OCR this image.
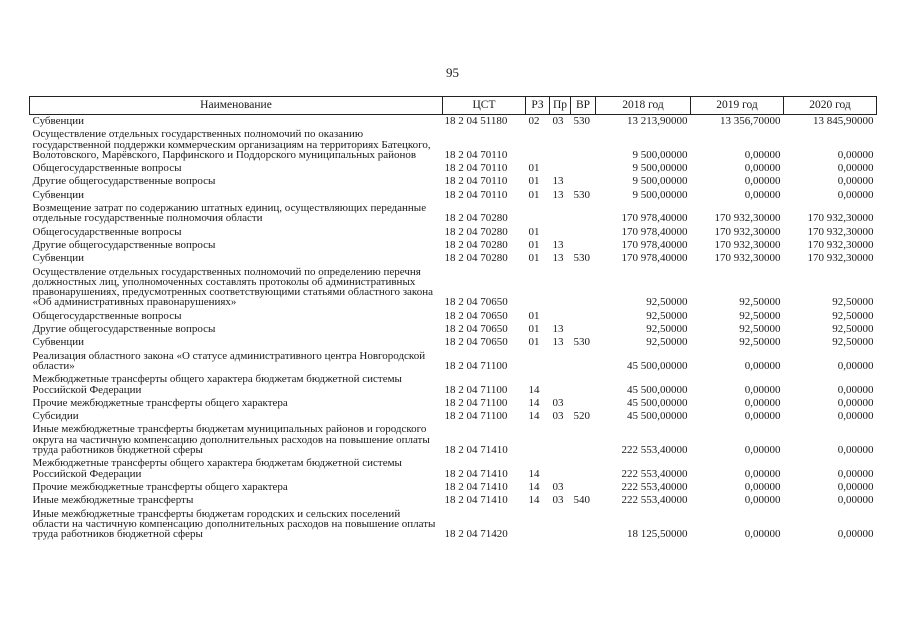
95
Наименование	ЦСТ	РЗ	Пр	ВР	2018 год	2019 год	2020 год
Субвенции	18 2 04 51180	02	03	530	13 213,90000	13 356,70000	13 845,90000
Осуществление отдельных государственных полномочий по оказанию государственной поддержки коммерческим организациям на территориях Батецкого, Волотовского, Марёвского, Парфинского и Поддорского муниципальных районов	18 2 04 70110				9 500,00000	0,00000	0,00000
Общегосударственные вопросы	18 2 04 70110	01			9 500,00000	0,00000	0,00000
Другие общегосударственные вопросы	18 2 04 70110	01	13		9 500,00000	0,00000	0,00000
Субвенции	18 2 04 70110	01	13	530	9 500,00000	0,00000	0,00000
Возмещение затрат по содержанию штатных единиц, осуществляющих переданные отдельные государственные полномочия области	18 2 04 70280				170 978,40000	170 932,30000	170 932,30000
Общегосударственные вопросы	18 2 04 70280	01			170 978,40000	170 932,30000	170 932,30000
Другие общегосударственные вопросы	18 2 04 70280	01	13		170 978,40000	170 932,30000	170 932,30000
Субвенции	18 2 04 70280	01	13	530	170 978,40000	170 932,30000	170 932,30000
Осуществление отдельных государственных полномочий по определению перечня должностных лиц, уполномоченных составлять протоколы об административных правонарушениях, предусмотренных соответствующими статьями областного закона «Об административных правонарушениях»	18 2 04 70650				92,50000	92,50000	92,50000
Общегосударственные вопросы	18 2 04 70650	01			92,50000	92,50000	92,50000
Другие общегосударственные вопросы	18 2 04 70650	01	13		92,50000	92,50000	92,50000
Субвенции	18 2 04 70650	01	13	530	92,50000	92,50000	92,50000
Реализация областного закона «О статусе административного центра Новгородской области»	18 2 04 71100				45 500,00000	0,00000	0,00000
Межбюджетные трансферты общего характера бюджетам бюджетной системы Российской Федерации	18 2 04 71100	14			45 500,00000	0,00000	0,00000
Прочие межбюджетные трансферты общего характера	18 2 04 71100	14	03		45 500,00000	0,00000	0,00000
Субсидии	18 2 04 71100	14	03	520	45 500,00000	0,00000	0,00000
Иные межбюджетные трансферты бюджетам муниципальных районов и городского округа на частичную компенсацию дополнительных расходов на повышение оплаты труда работников бюджетной сферы	18 2 04 71410				222 553,40000	0,00000	0,00000
Межбюджетные трансферты общего характера бюджетам бюджетной системы Российской Федерации	18 2 04 71410	14			222 553,40000	0,00000	0,00000
Прочие межбюджетные трансферты общего характера	18 2 04 71410	14	03		222 553,40000	0,00000	0,00000
Иные межбюджетные трансферты	18 2 04 71410	14	03	540	222 553,40000	0,00000	0,00000
Иные межбюджетные трансферты бюджетам городских и сельских поселений области на частичную компенсацию дополнительных расходов на повышение оплаты труда работников бюджетной сферы	18 2 04 71420				18 125,50000	0,00000	0,00000
